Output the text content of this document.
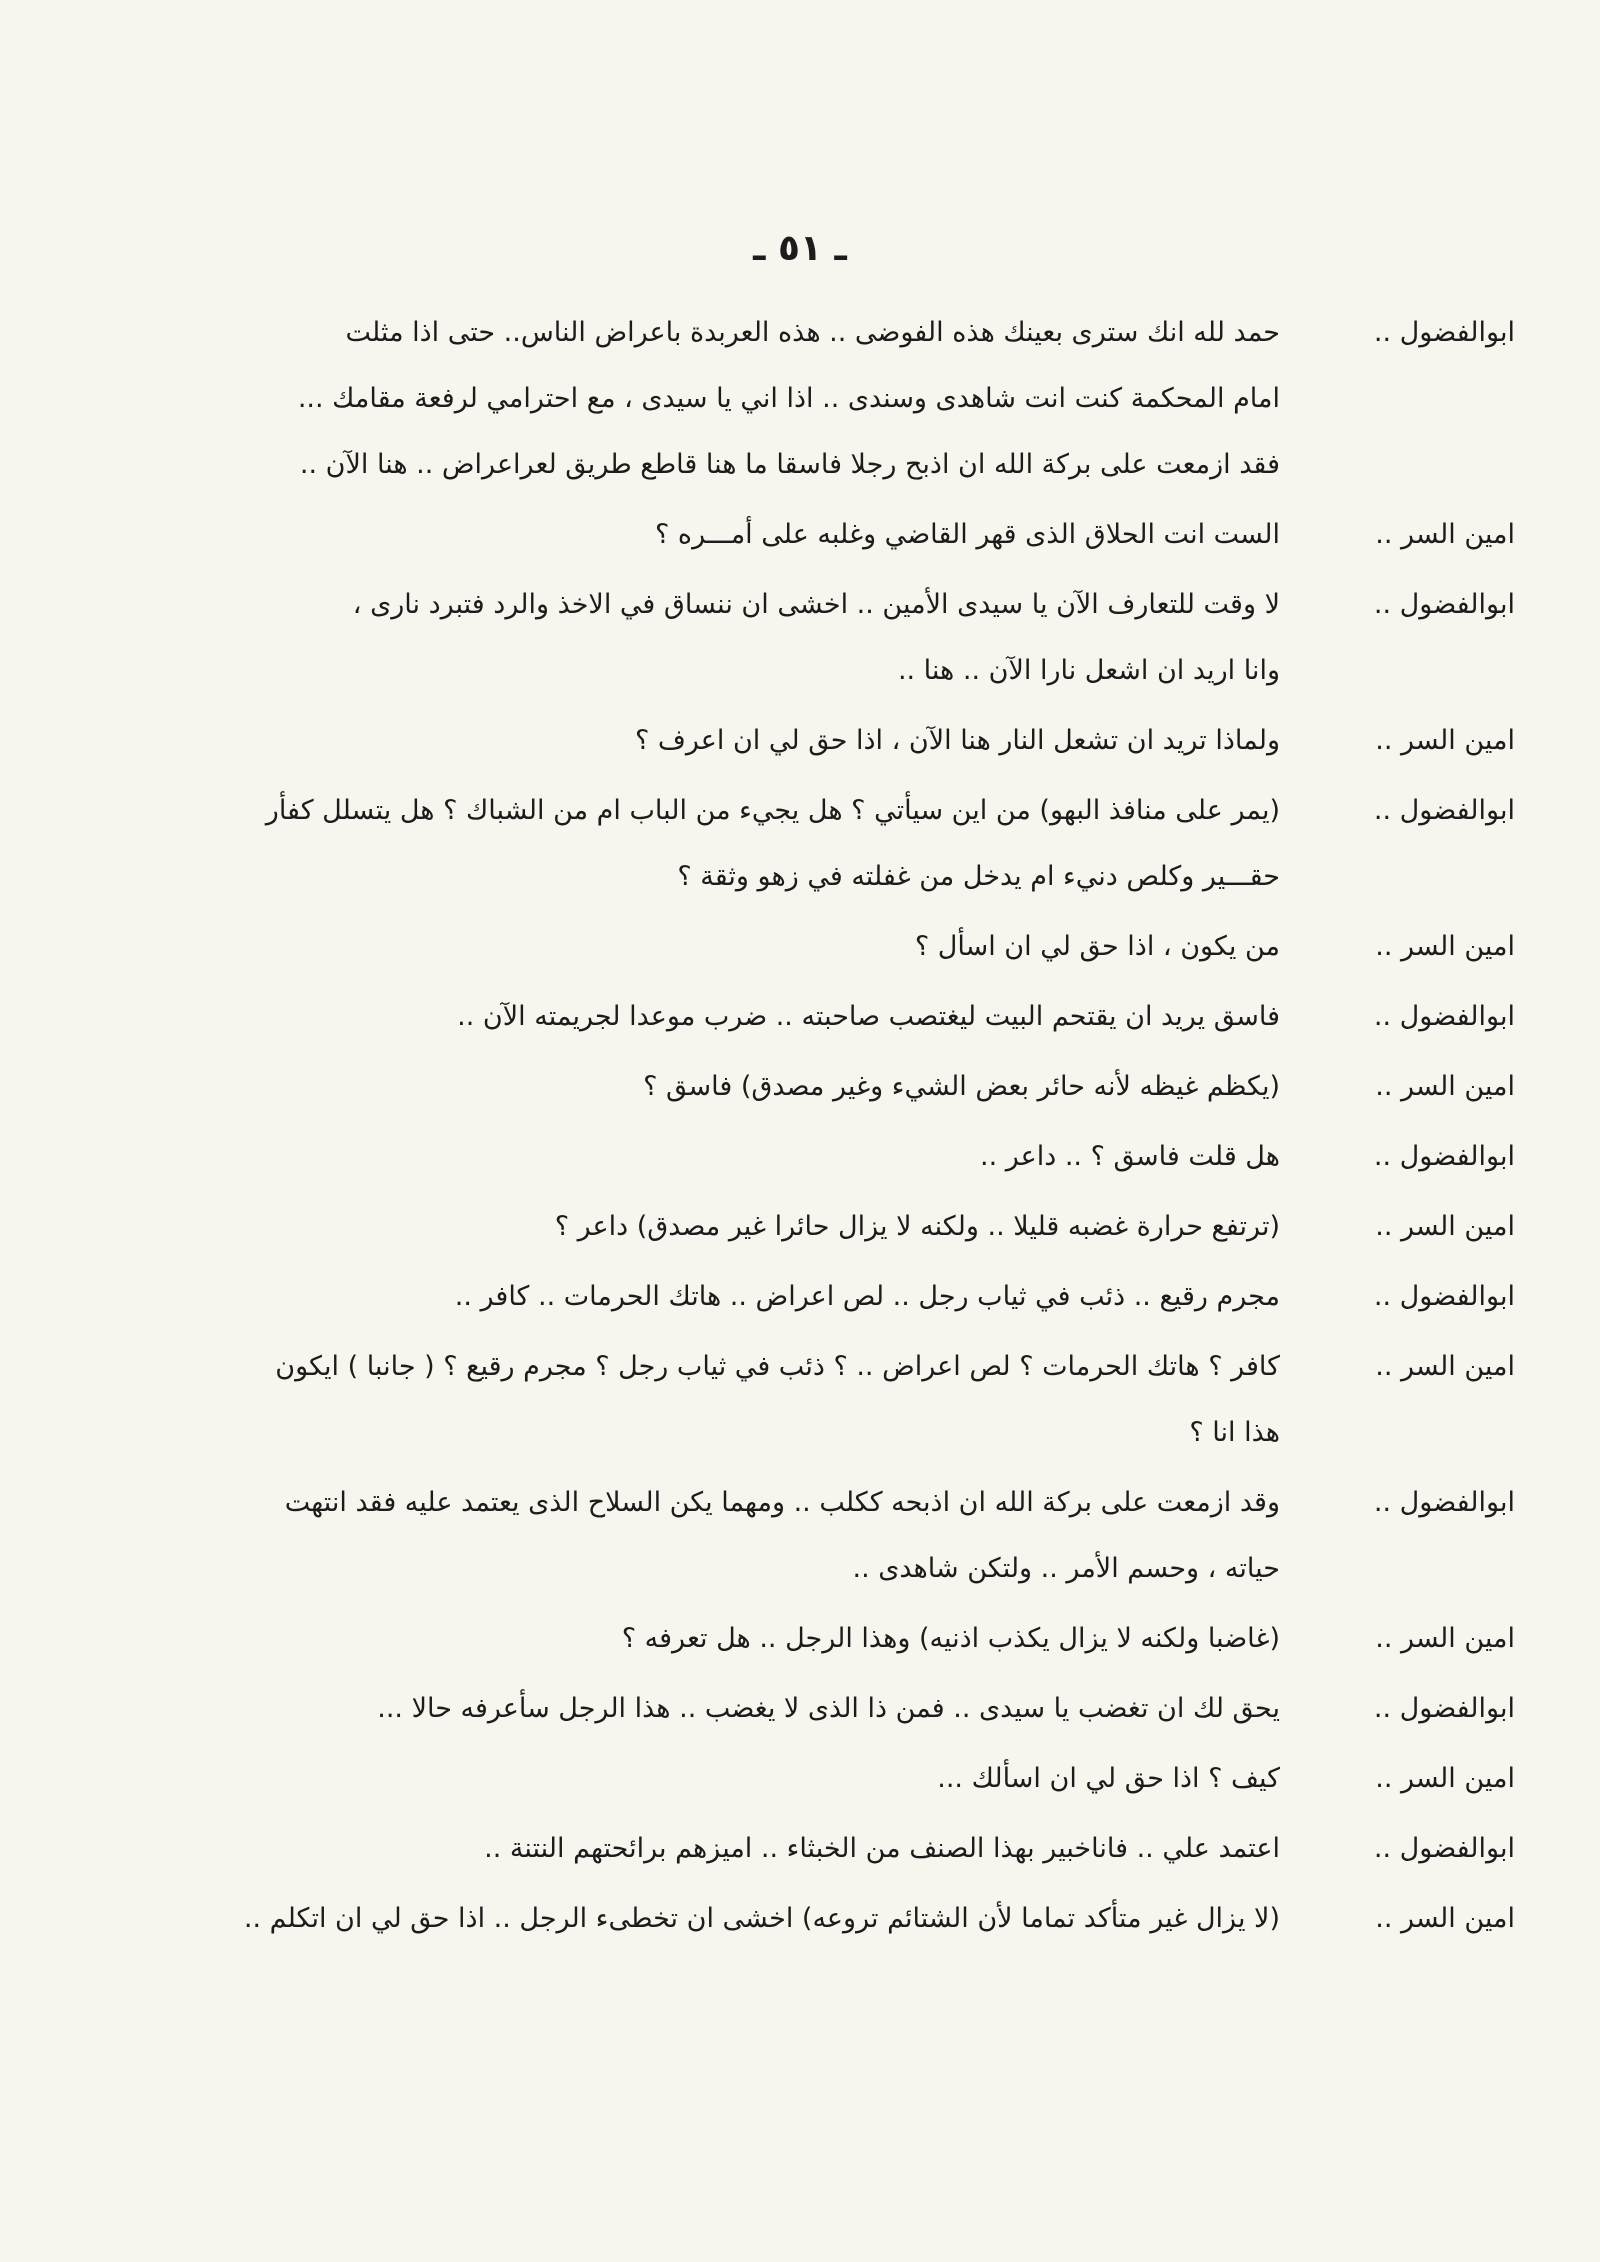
ـ ٥١ ـ
ابوالفضول ..
حمد لله انك سترى بعينك هذه الفوضى .. هذه العربدة باعراض الناس.. حتى اذا مثلت
امام المحكمة كنت انت شاهدى وسندى .. اذا اني يا سيدى ، مع احترامي لرفعة مقامك ...
فقد ازمعت على بركة الله ان اذبح رجلا فاسقا ما هنا قاطع طريق لعراعراض .. هنا الآن ..
امين السر ..
الست انت الحلاق الذى قهر القاضي وغلبه على أمـــره ؟
ابوالفضول ..
لا وقت للتعارف الآن يا سيدى الأمين .. اخشى ان ننساق في الاخذ والرد فتبرد نارى ،
وانا اريد ان اشعل نارا الآن .. هنا ..
امين السر ..
ولماذا تريد ان تشعل النار هنا الآن ، اذا حق لي ان اعرف ؟
ابوالفضول ..
(يمر على منافذ البهو) من اين سيأتي ؟ هل يجيء من الباب ام من الشباك ؟ هل يتسلل كفأر
حقـــير وكلص دنيء ام يدخل من غفلته في زهو وثقة ؟
امين السر ..
من يكون ، اذا حق لي ان اسأل ؟
ابوالفضول ..
فاسق يريد ان يقتحم البيت ليغتصب صاحبته .. ضرب موعدا لجريمته الآن ..
امين السر ..
(يكظم غيظه لأنه حائر بعض الشيء وغير مصدق) فاسق ؟
ابوالفضول ..
هل قلت فاسق ؟ .. داعر ..
امين السر ..
(ترتفع حرارة غضبه قليلا .. ولكنه لا يزال حائرا غير مصدق) داعر ؟
ابوالفضول ..
مجرم رقيع .. ذئب في ثياب رجل .. لص اعراض .. هاتك الحرمات .. كافر ..
امين السر ..
كافر ؟ هاتك الحرمات ؟ لص اعراض .. ؟ ذئب في ثياب رجل ؟ مجرم رقيع ؟ ( جانبا ) ايكون
هذا انا ؟
ابوالفضول ..
وقد ازمعت على بركة الله ان اذبحه ككلب .. ومهما يكن السلاح الذى يعتمد عليه فقد انتهت
حياته ، وحسم الأمر .. ولتكن شاهدى ..
امين السر ..
(غاضبا ولكنه لا يزال يكذب اذنيه) وهذا الرجل .. هل تعرفه ؟
ابوالفضول ..
يحق لك ان تغضب يا سيدى .. فمن ذا الذى لا يغضب .. هذا الرجل سأعرفه حالا ...
امين السر ..
كيف ؟ اذا حق لي ان اسألك ...
ابوالفضول ..
اعتمد علي .. فاناخبير بهذا الصنف من الخبثاء .. اميزهم برائحتهم النتنة ..
امين السر ..
(لا يزال غير متأكد تماما لأن الشتائم تروعه) اخشى ان تخطىء الرجل .. اذا حق لي ان اتكلم ..
